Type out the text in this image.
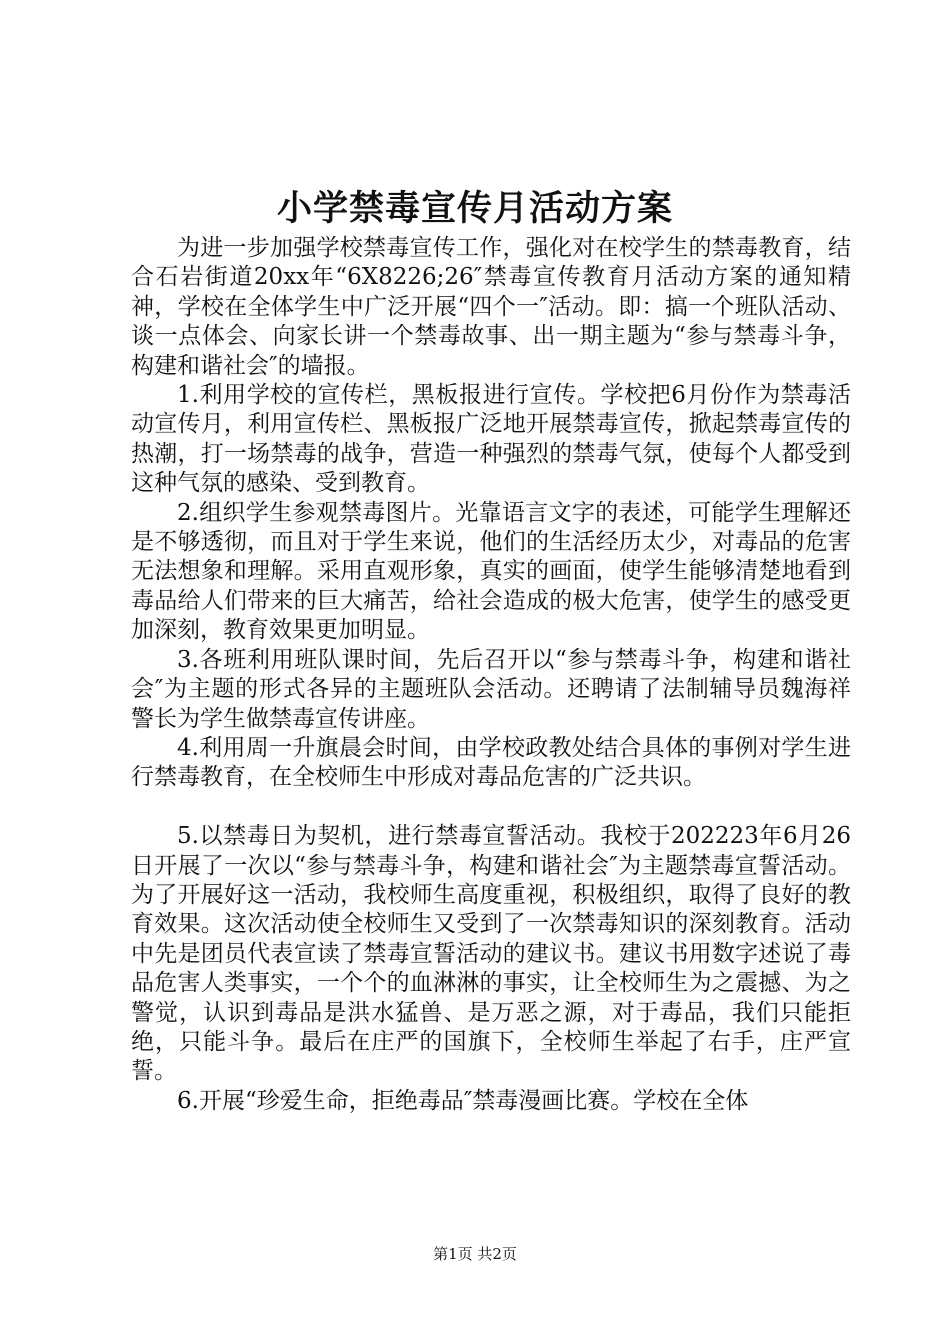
小学禁毒宣传月活动方案

为进一步加强学校禁毒宣传工作，强化对在校学生的禁毒教育，结合石岩街道20xx年“6X8226;26″禁毒宣传教育月活动方案的通知精神，学校在全体学生中广泛开展“四个一″活动。即：搞一个班队活动、谈一点体会、向家长讲一个禁毒故事、出一期主题为“参与禁毒斗争，构建和谐社会″的墙报。

1.利用学校的宣传栏，黑板报进行宣传。学校把6月份作为禁毒活动宣传月，利用宣传栏、黑板报广泛地开展禁毒宣传，掀起禁毒宣传的热潮，打一场禁毒的战争，营造一种强烈的禁毒气氛，使每个人都受到这种气氛的感染、受到教育。

2.组织学生参观禁毒图片。光靠语言文字的表述，可能学生理解还是不够透彻，而且对于学生来说，他们的生活经历太少，对毒品的危害无法想象和理解。采用直观形象，真实的画面，使学生能够清楚地看到毒品给人们带来的巨大痛苦，给社会造成的极大危害，使学生的感受更加深刻，教育效果更加明显。

3.各班利用班队课时间，先后召开以“参与禁毒斗争，构建和谐社会″为主题的形式各异的主题班队会活动。还聘请了法制辅导员魏海祥警长为学生做禁毒宣传讲座。

4.利用周一升旗晨会时间，由学校政教处结合具体的事例对学生进行禁毒教育，在全校师生中形成对毒品危害的广泛共识。

5.以禁毒日为契机，进行禁毒宣誓活动。我校于202223年6月26日开展了一次以“参与禁毒斗争，构建和谐社会″为主题禁毒宣誓活动。为了开展好这一活动，我校师生高度重视，积极组织，取得了良好的教育效果。这次活动使全校师生又受到了一次禁毒知识的深刻教育。活动中先是团员代表宣读了禁毒宣誓活动的建议书。建议书用数字述说了毒品危害人类事实，一个个的血淋淋的事实，让全校师生为之震撼、为之警觉，认识到毒品是洪水猛兽、是万恶之源，对于毒品，我们只能拒绝，只能斗争。最后在庄严的国旗下，全校师生举起了右手，庄严宣誓。

6.开展“珍爱生命，拒绝毒品″禁毒漫画比赛。学校在全体

第1页 共2页
